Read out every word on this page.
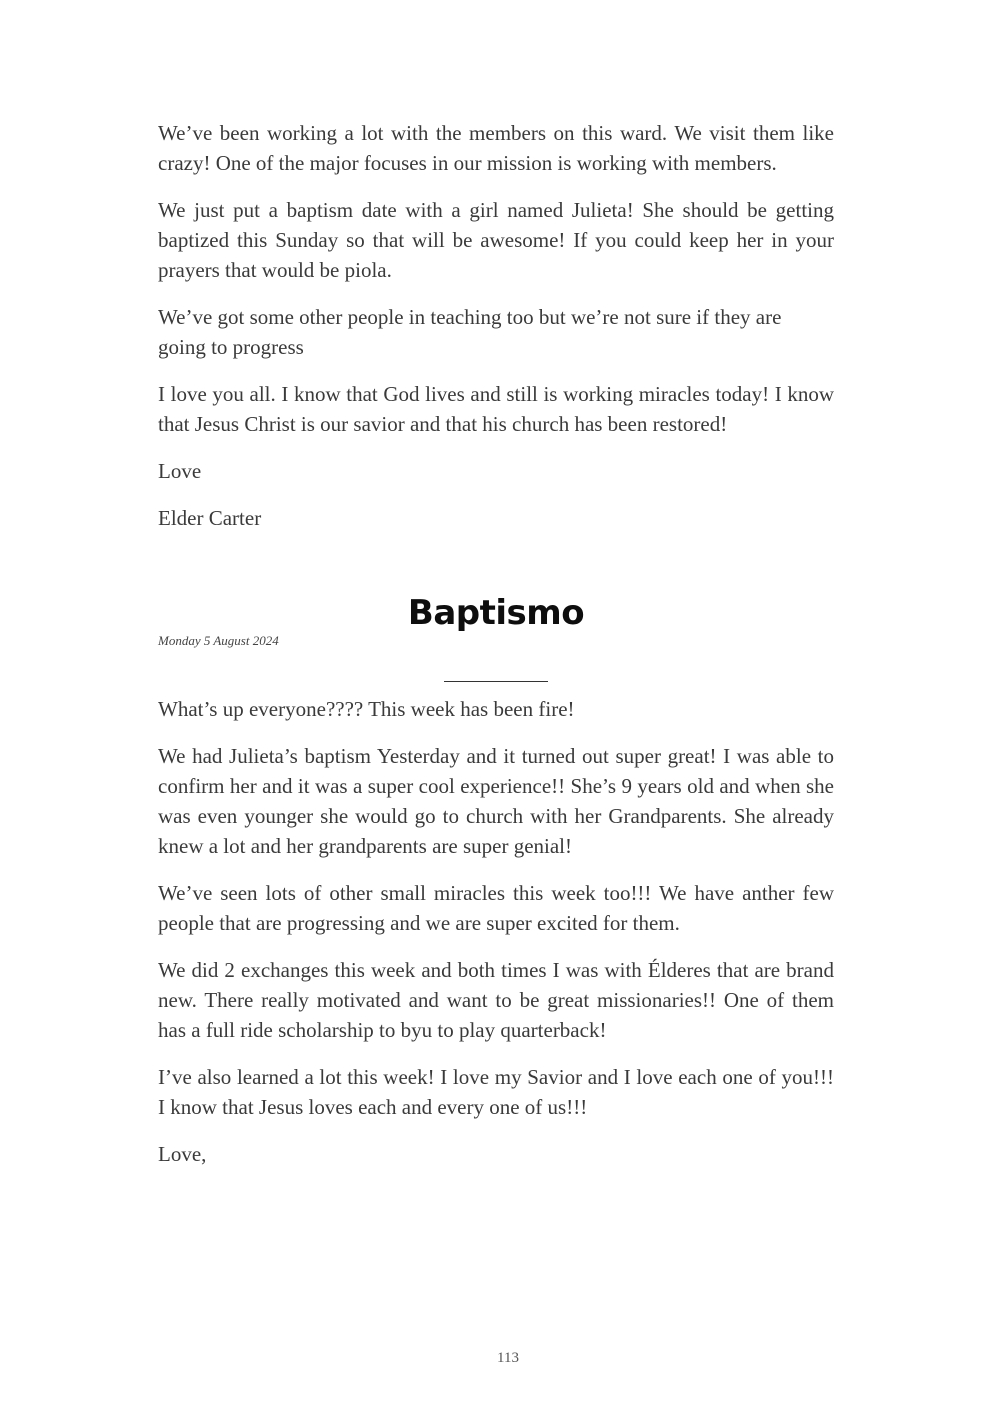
We’ve been working a lot with the members on this ward. We visit them like crazy! One of the major focuses in our mission is working with members.

We just put a baptism date with a girl named Julieta! She should be getting baptized this Sunday so that will be awesome! If you could keep her in your prayers that would be piola.

We’ve got some other people in teaching too but we’re not sure if they are going to progress

I love you all. I know that God lives and still is working miracles today! I know that Jesus Christ is our savior and that his church has been restored!

Love

Elder Carter

Baptismo

Monday 5 August 2024

What’s up everyone???? This week has been fire!

We had Julieta’s baptism Yesterday and it turned out super great! I was able to confirm her and it was a super cool experience!! She’s 9 years old and when she was even younger she would go to church with her Grandparents. She already knew a lot and her grandparents are super genial!

We’ve seen lots of other small miracles this week too!!! We have anther few people that are progressing and we are super excited for them.

We did 2 exchanges this week and both times I was with Élderes that are brand new. There really motivated and want to be great missionaries!! One of them has a full ride scholarship to byu to play quarterback!

I’ve also learned a lot this week! I love my Savior and I love each one of you!!! I know that Jesus loves each and every one of us!!!

Love,

113
